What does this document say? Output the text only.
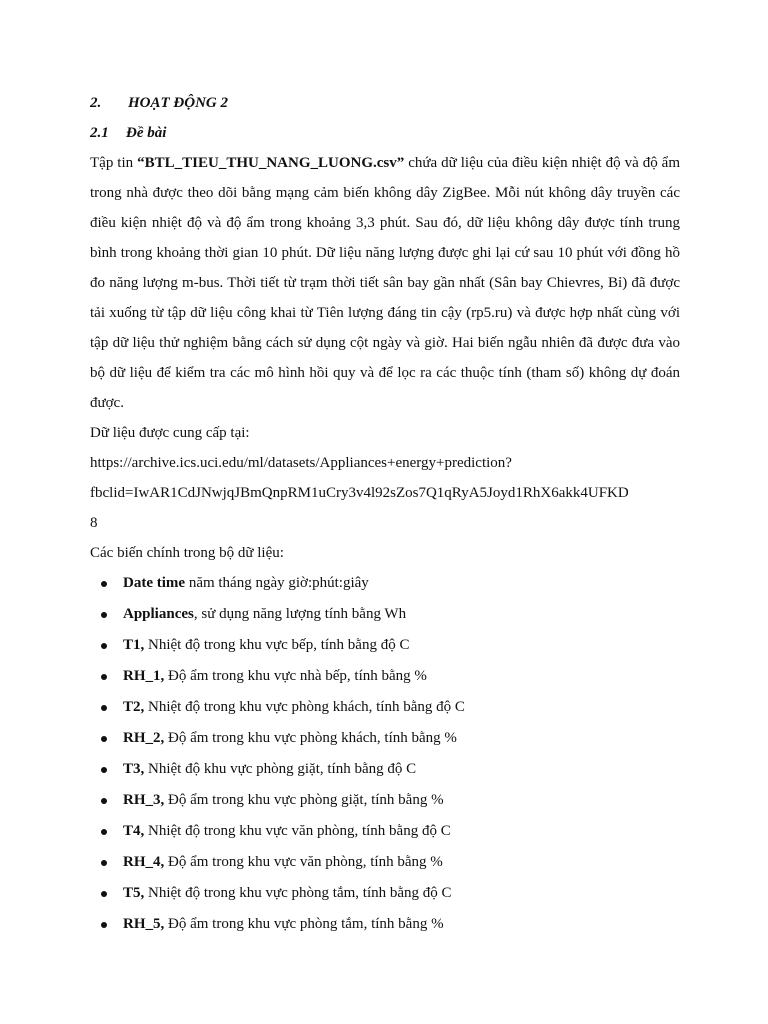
2. HOẠT ĐỘNG 2
2.1 Đề bài

Tập tin “BTL_TIEU_THU_NANG_LUONG.csv” chứa dữ liệu của điều kiện nhiệt độ và độ ẩm trong nhà được theo dõi bằng mạng cảm biến không dây ZigBee. Mỗi nút không dây truyền các điều kiện nhiệt độ và độ ẩm trong khoảng 3,3 phút. Sau đó, dữ liệu không dây được tính trung bình trong khoảng thời gian 10 phút. Dữ liệu năng lượng được ghi lại cứ sau 10 phút với đồng hồ đo năng lượng m-bus. Thời tiết từ trạm thời tiết sân bay gần nhất (Sân bay Chievres, Bỉ) đã được tải xuống từ tập dữ liệu công khai từ Tiên lượng đáng tin cậy (rp5.ru) và được hợp nhất cùng với tập dữ liệu thử nghiệm bằng cách sử dụng cột ngày và giờ. Hai biến ngẫu nhiên đã được đưa vào bộ dữ liệu để kiểm tra các mô hình hồi quy và để lọc ra các thuộc tính (tham số) không dự đoán được.

Dữ liệu được cung cấp tại:
https://archive.ics.uci.edu/ml/datasets/Appliances+energy+prediction?
fbclid=IwAR1CdJNwjqJBmQnpRM1uCry3v4l92sZos7Q1qRyA5Joyd1RhX6akk4UFKD
8
Các biến chính trong bộ dữ liệu:
Date time năm tháng ngày giờ:phút:giây
Appliances, sử dụng năng lượng tính bằng Wh
T1, Nhiệt độ trong khu vực bếp, tính bằng độ C
RH_1, Độ ẩm trong khu vực nhà bếp, tính bằng %
T2, Nhiệt độ trong khu vực phòng khách, tính bằng độ C
RH_2, Độ ẩm trong khu vực phòng khách, tính bằng %
T3, Nhiệt độ khu vực phòng giặt, tính bằng độ C
RH_3, Độ ẩm trong khu vực phòng giặt, tính bằng %
T4, Nhiệt độ trong khu vực văn phòng, tính bằng độ C
RH_4, Độ ẩm trong khu vực văn phòng, tính bằng %
T5, Nhiệt độ trong khu vực phòng tắm, tính bằng độ C
RH_5, Độ ẩm trong khu vực phòng tắm, tính bằng %
